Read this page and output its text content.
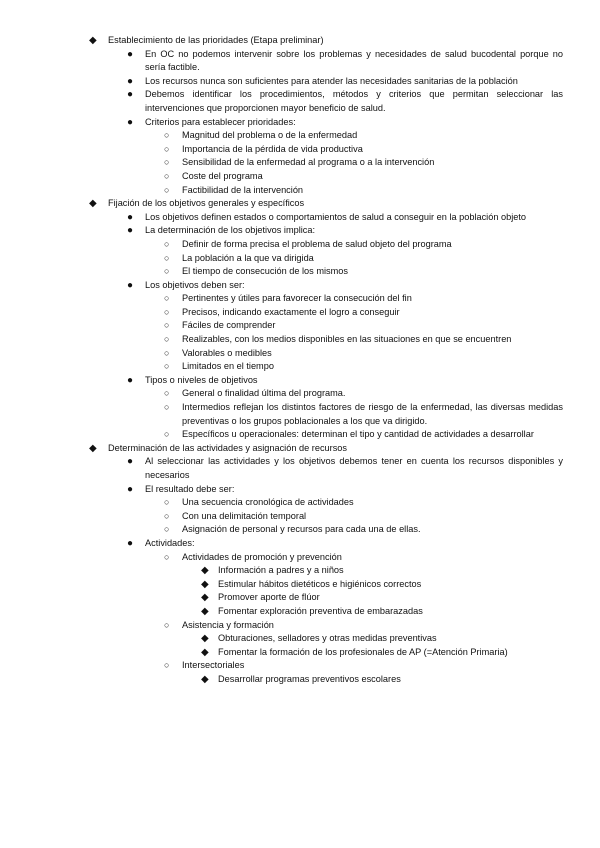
◆ Establecimiento de las prioridades (Etapa preliminar)
● En OC no podemos intervenir sobre los problemas y necesidades de salud bucodental porque no sería factible.
● Los recursos nunca son suficientes para atender las necesidades sanitarias de la población
● Debemos identificar los procedimientos, métodos y criterios que permitan seleccionar las intervenciones que proporcionen mayor beneficio de salud.
● Criterios para establecer prioridades:
○ Magnitud del problema o de la enfermedad
○ Importancia de la pérdida de vida productiva
○ Sensibilidad de la enfermedad al programa o a la intervención
○ Coste del programa
○ Factibilidad de la intervención
◆ Fijación de los objetivos generales y específicos
● Los objetivos definen estados o comportamientos de salud a conseguir en la población objeto
● La determinación de los objetivos implica:
○ Definir de forma precisa el problema de salud objeto del programa
○ La población a la que va dirigida
○ El tiempo de consecución de los mismos
● Los objetivos deben ser:
○ Pertinentes y útiles para favorecer la consecución del fin
○ Precisos, indicando exactamente el logro a conseguir
○ Fáciles de comprender
○ Realizables, con los medios disponibles en las situaciones en que se encuentren
○ Valorables o medibles
○ Limitados en el tiempo
● Tipos o niveles de objetivos
○ General o finalidad última del programa.
○ Intermedios reflejan los distintos factores de riesgo de la enfermedad, las diversas medidas preventivas o los grupos poblacionales a los que va dirigido.
○ Específicos u operacionales: determinan el tipo y cantidad de actividades a desarrollar
◆ Determinación de las actividades y asignación de recursos
● Al seleccionar las actividades y los objetivos debemos tener en cuenta los recursos disponibles y necesarios
● El resultado debe ser:
○ Una secuencia cronológica de actividades
○ Con una delimitación temporal
○ Asignación de personal y recursos para cada una de ellas.
● Actividades:
○ Actividades de promoción y prevención
◆ Información a padres y a niños
◆ Estimular hábitos dietéticos e higiénicos correctos
◆ Promover aporte de flúor
◆ Fomentar exploración preventiva de embarazadas
○ Asistencia y formación
◆ Obturaciones, selladores y otras medidas preventivas
◆ Fomentar la formación de los profesionales de AP (=Atención Primaria)
○ Intersectoriales
◆ Desarrollar programas preventivos escolares
